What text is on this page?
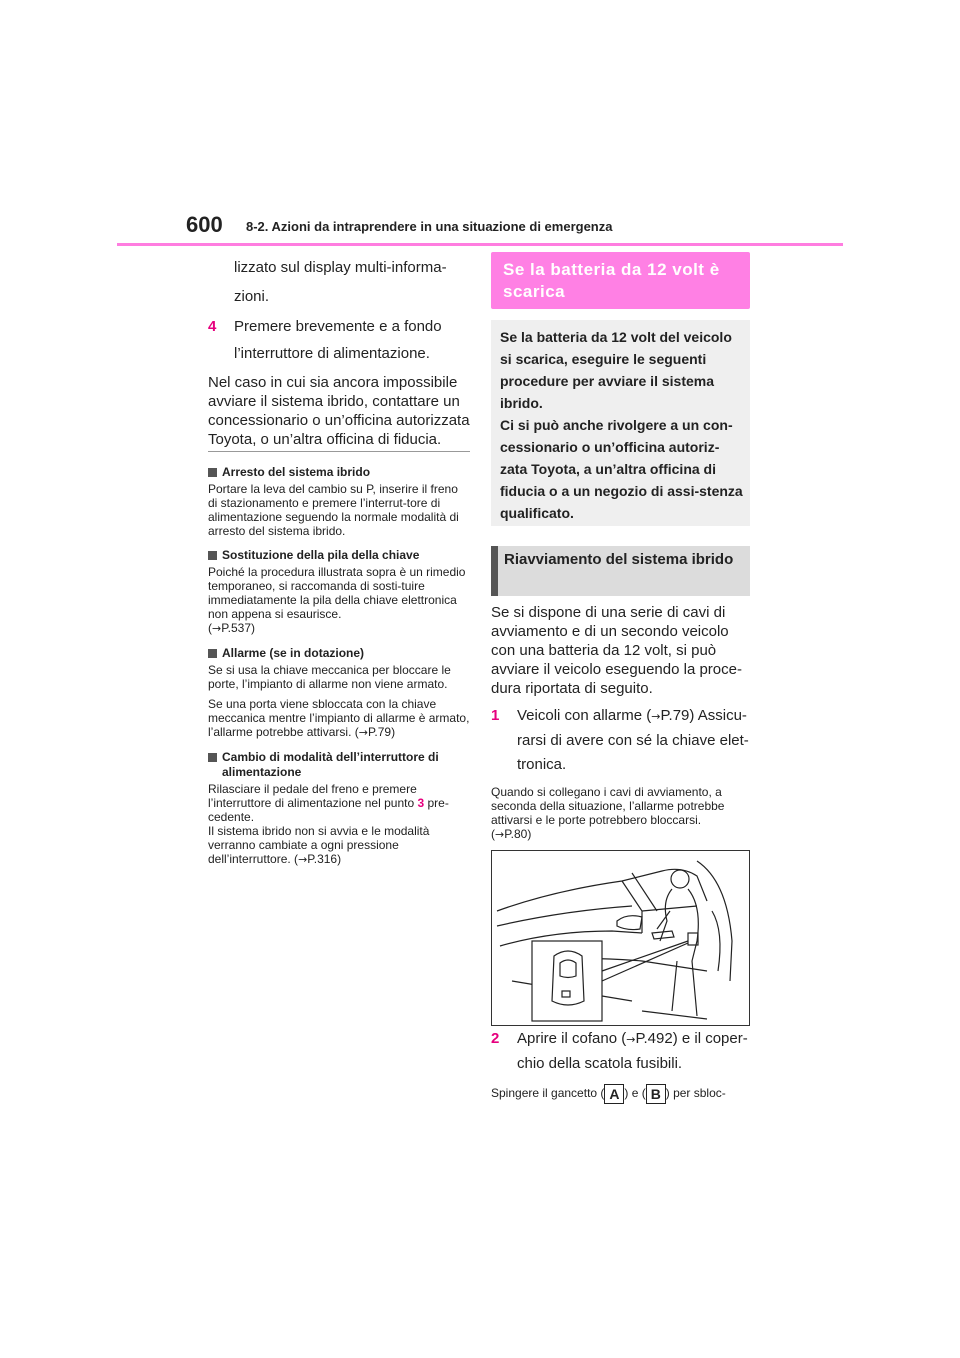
600 8-2. Azioni da intraprendere in una situazione di emergenza
lizzato sul display multi-informa-
zioni.
4 Premere brevemente e a fondo
l’interruttore di alimentazione.
Nel caso in cui sia ancora impossibile avviare il sistema ibrido, contattare un concessionario o un’officina autorizzata Toyota, o un’altra officina di fiducia.
Arresto del sistema ibrido
Portare la leva del cambio su P, inserire il freno di stazionamento e premere l’interrut-tore di alimentazione seguendo la normale modalità di arresto del sistema ibrido.
Sostituzione della pila della chiave
Poiché la procedura illustrata sopra è un rimedio temporaneo, si raccomanda di sosti-tuire immediatamente la pila della chiave elettronica non appena si esaurisce.
(→P.537)
Allarme (se in dotazione)
Se si usa la chiave meccanica per bloccare le porte, l’impianto di allarme non viene armato.
Se una porta viene sbloccata con la chiave meccanica mentre l’impianto di allarme è armato, l’allarme potrebbe attivarsi. (→P.79)
Cambio di modalità dell’interruttore di alimentazione
Rilasciare il pedale del freno e premere l’interruttore di alimentazione nel punto 3 pre-cedente.
Il sistema ibrido non si avvia e le modalità verranno cambiate a ogni pressione dell’interruttore. (→P.316)
Se la batteria da 12 volt è scarica
Se la batteria da 12 volt del veicolo si scarica, eseguire le seguenti procedure per avviare il sistema ibrido.
Ci si può anche rivolgere a un con-cessionario o un’officina autoriz-zata Toyota, a un’altra officina di fiducia o a un negozio di assi-stenza qualificato.
Riavviamento del sistema ibrido
Se si dispone di una serie di cavi di avviamento e di un secondo veicolo con una batteria da 12 volt, si può avviare il veicolo eseguendo la proce-dura riportata di seguito.
1 Veicoli con allarme (→P.79) Assicu-rarsi di avere con sé la chiave elet-tronica.
Quando si collegano i cavi di avviamento, a seconda della situazione, l’allarme potrebbe attivarsi e le porte potrebbero bloccarsi.
(→P.80)
2 Aprire il cofano (→P.492) e il coper-chio della scatola fusibili.
Spingere il gancetto ( A ) e ( B ) per sbloc-
